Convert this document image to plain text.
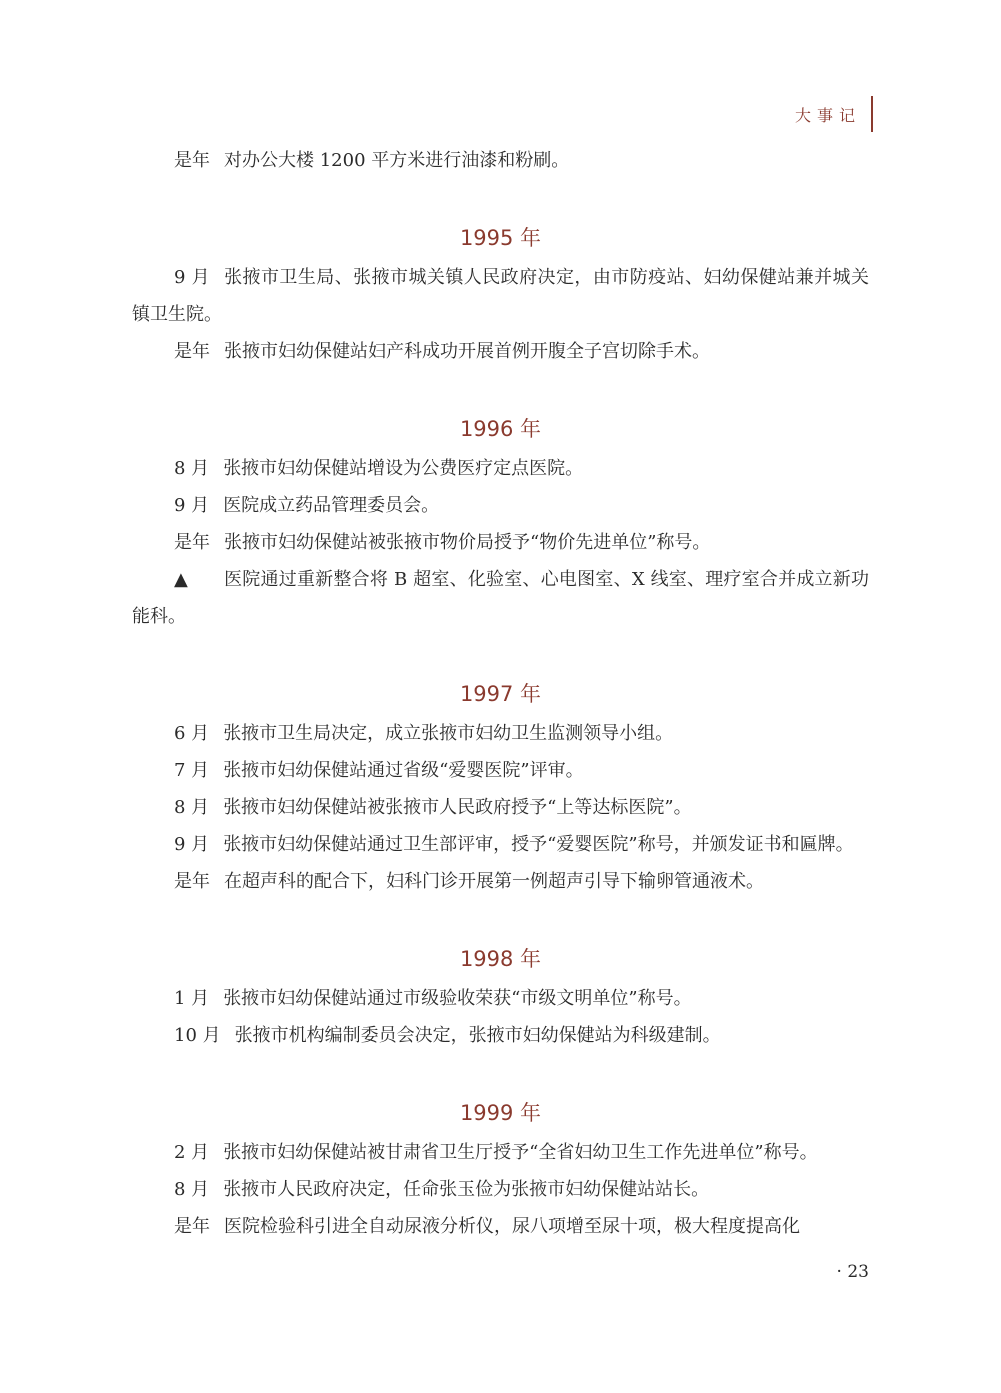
大事记

是年 对办公大楼 1200 平方米进行油漆和粉刷。

1995 年

9 月 张掖市卫生局、张掖市城关镇人民政府决定，由市防疫站、妇幼保健站兼并城关镇卫生院。

是年 张掖市妇幼保健站妇产科成功开展首例开腹全子宫切除手术。

1996 年

8 月 张掖市妇幼保健站增设为公费医疗定点医院。

9 月 医院成立药品管理委员会。

是年 张掖市妇幼保健站被张掖市物价局授予“物价先进单位”称号。

▲ 医院通过重新整合将 B 超室、化验室、心电图室、X 线室、理疗室合并成立新功能科。

1997 年

6 月 张掖市卫生局决定，成立张掖市妇幼卫生监测领导小组。

7 月 张掖市妇幼保健站通过省级“爱婴医院”评审。

8 月 张掖市妇幼保健站被张掖市人民政府授予“上等达标医院”。

9 月 张掖市妇幼保健站通过卫生部评审，授予“爱婴医院”称号，并颁发证书和匾牌。

是年 在超声科的配合下，妇科门诊开展第一例超声引导下输卵管通液术。

1998 年

1 月 张掖市妇幼保健站通过市级验收荣获“市级文明单位”称号。

10 月 张掖市机构编制委员会决定，张掖市妇幼保健站为科级建制。

1999 年

2 月 张掖市妇幼保健站被甘肃省卫生厅授予“全省妇幼卫生工作先进单位”称号。

8 月 张掖市人民政府决定，任命张玉俭为张掖市妇幼保健站站长。

是年 医院检验科引进全自动尿液分析仪，尿八项增至尿十项，极大程度提高化

· 23
